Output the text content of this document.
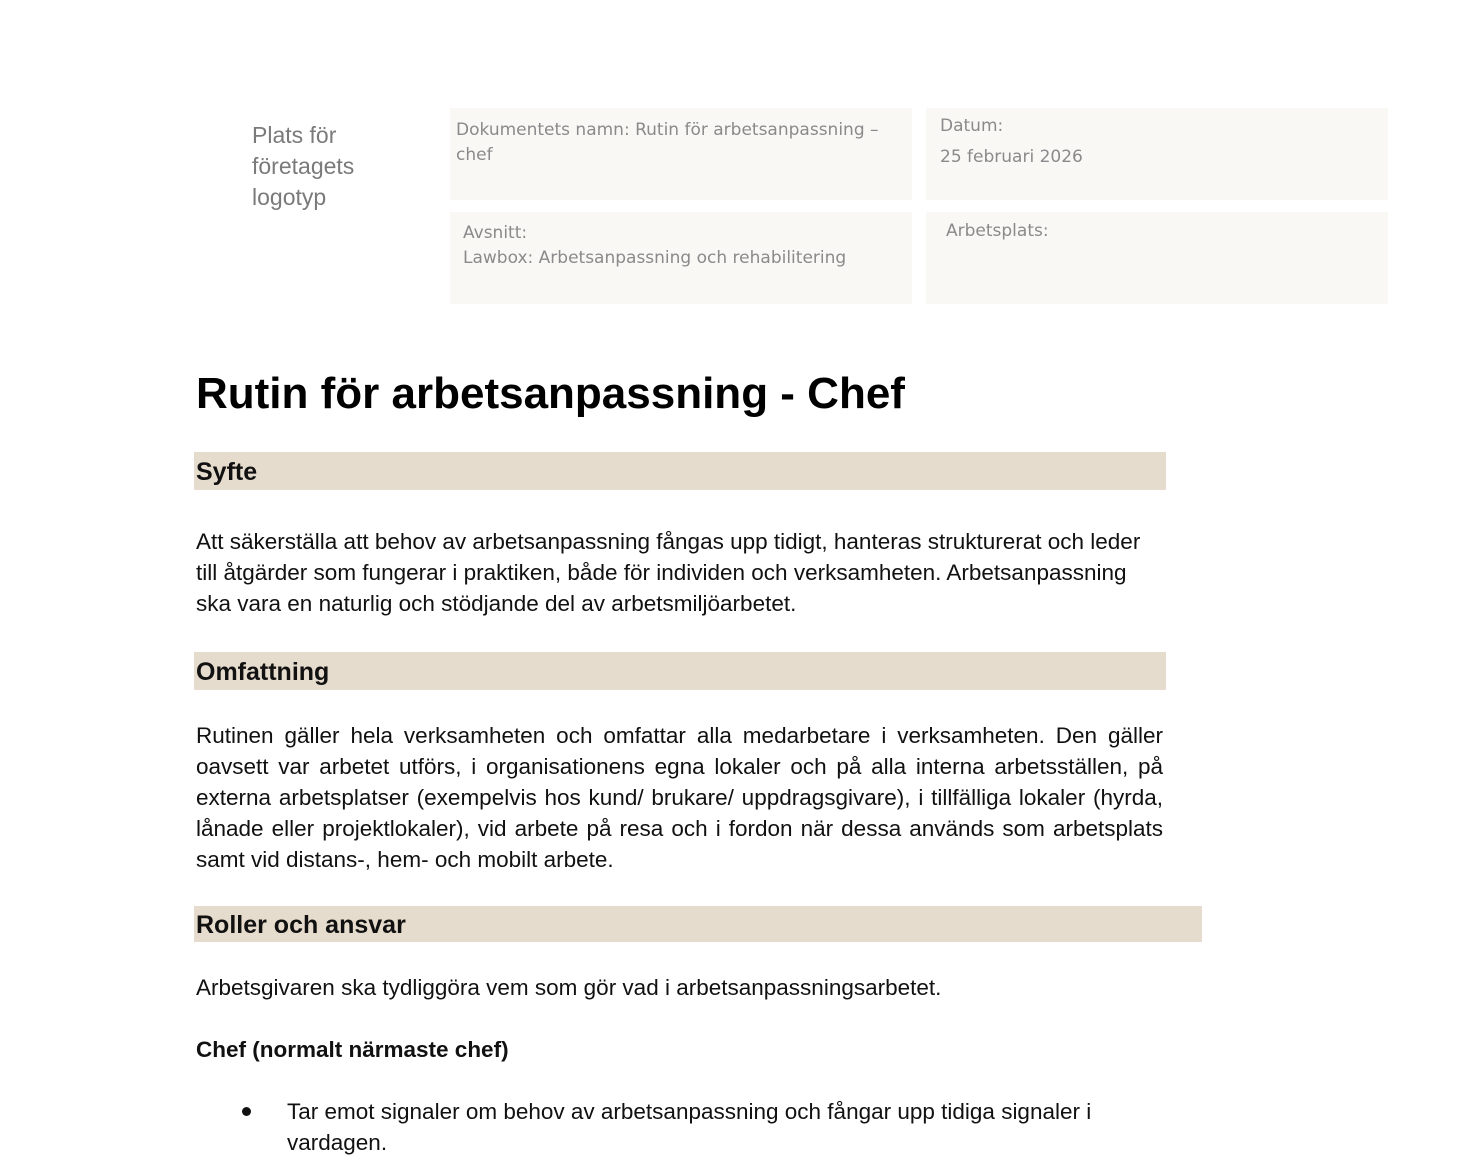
Plats för företagets logotyp
Dokumentets namn: Rutin för arbetsanpassning – chef
Datum:
25 februari 2026
Avsnitt:
Lawbox: Arbetsanpassning och rehabilitering
Arbetsplats:
Rutin för arbetsanpassning - Chef
Syfte

Att säkerställa att behov av arbetsanpassning fångas upp tidigt, hanteras strukturerat och leder till åtgärder som fungerar i praktiken, både för individen och verksamheten. Arbetsanpassning ska vara en naturlig och stödjande del av arbetsmiljöarbetet.

Omfattning

Rutinen gäller hela verksamheten och omfattar alla medarbetare i verksamheten. Den gäller oavsett var arbetet utförs, i organisationens egna lokaler och på alla interna arbetsställen, på externa arbetsplatser (exempelvis hos kund/ brukare/ uppdragsgivare), i tillfälliga lokaler (hyrda, lånade eller projektlokaler), vid arbete på resa och i fordon när dessa används som arbetsplats samt vid distans-, hem- och mobilt arbete.

Roller och ansvar

Arbetsgivaren ska tydliggöra vem som gör vad i arbetsanpassningsarbetet.

Chef (normalt närmaste chef)

Tar emot signaler om behov av arbetsanpassning och fångar upp tidiga signaler i vardagen.
